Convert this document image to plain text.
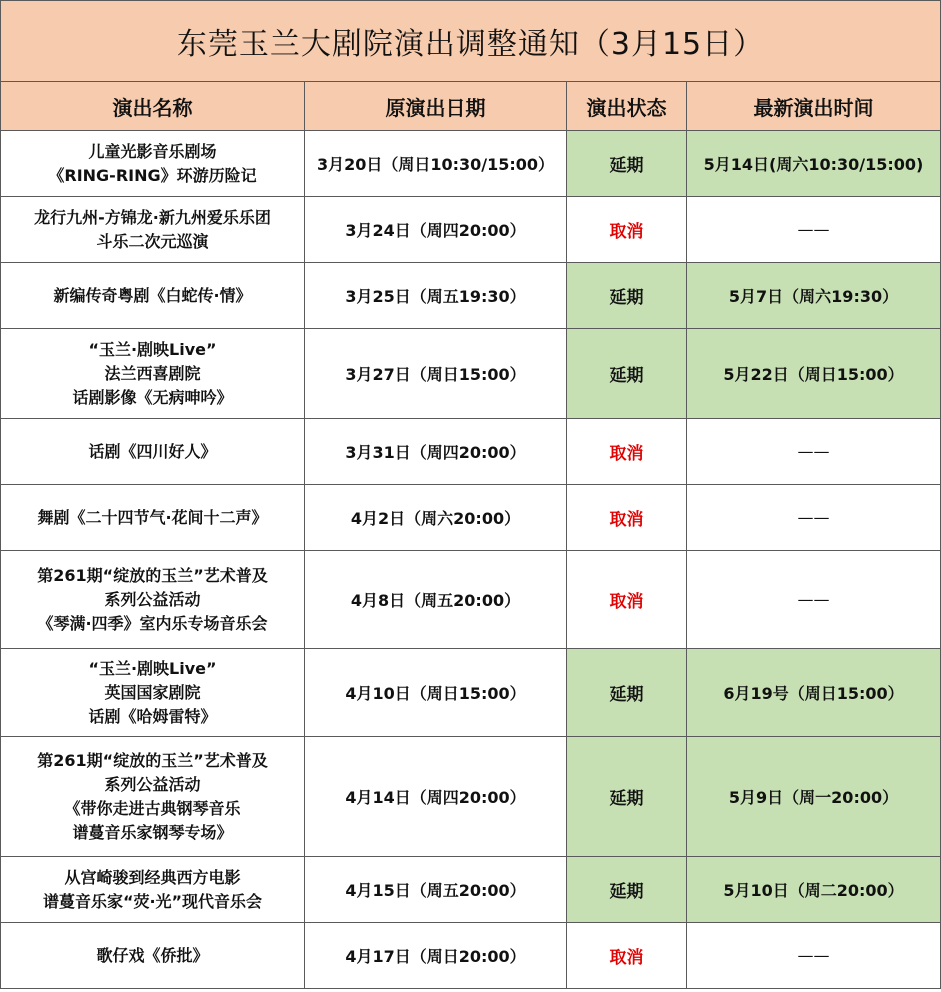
东莞玉兰大剧院演出调整通知（3月15日）			
演出名称	原演出日期	演出状态	最新演出时间

儿童光影音乐剧场
《RING-RING》环游历险记	3月20日（周日10:30/15:00）	延期	5月14日(周六10:30/15:00)

龙行九州-方锦龙·新九州爱乐乐团
斗乐二次元巡演	3月24日（周四20:00）	取消	——

新编传奇粤剧《白蛇传·情》	3月25日（周五19:30）	延期	5月7日（周六19:30）

“玉兰·剧映Live”
法兰西喜剧院
话剧影像《无病呻吟》	3月27日（周日15:00）	延期	5月22日（周日15:00）

话剧《四川好人》	3月31日（周四20:00）	取消	——

舞剧《二十四节气·花间十二声》	4月2日（周六20:00）	取消	——

第261期“绽放的玉兰”艺术普及
系列公益活动
《琴满·四季》室内乐专场音乐会	4月8日（周五20:00）	取消	——

“玉兰·剧映Live”
英国国家剧院
话剧《哈姆雷特》	4月10日（周日15:00）	延期	6月19号（周日15:00）

第261期“绽放的玉兰”艺术普及
系列公益活动
《带你走进古典钢琴音乐
谱蔓音乐家钢琴专场》	4月14日（周四20:00）	延期	5月9日（周一20:00）

从宫崎骏到经典西方电影
谱蔓音乐家“荧·光”现代音乐会	4月15日（周五20:00）	延期	5月10日（周二20:00）

歌仔戏《侨批》	4月17日（周日20:00）	取消	——
